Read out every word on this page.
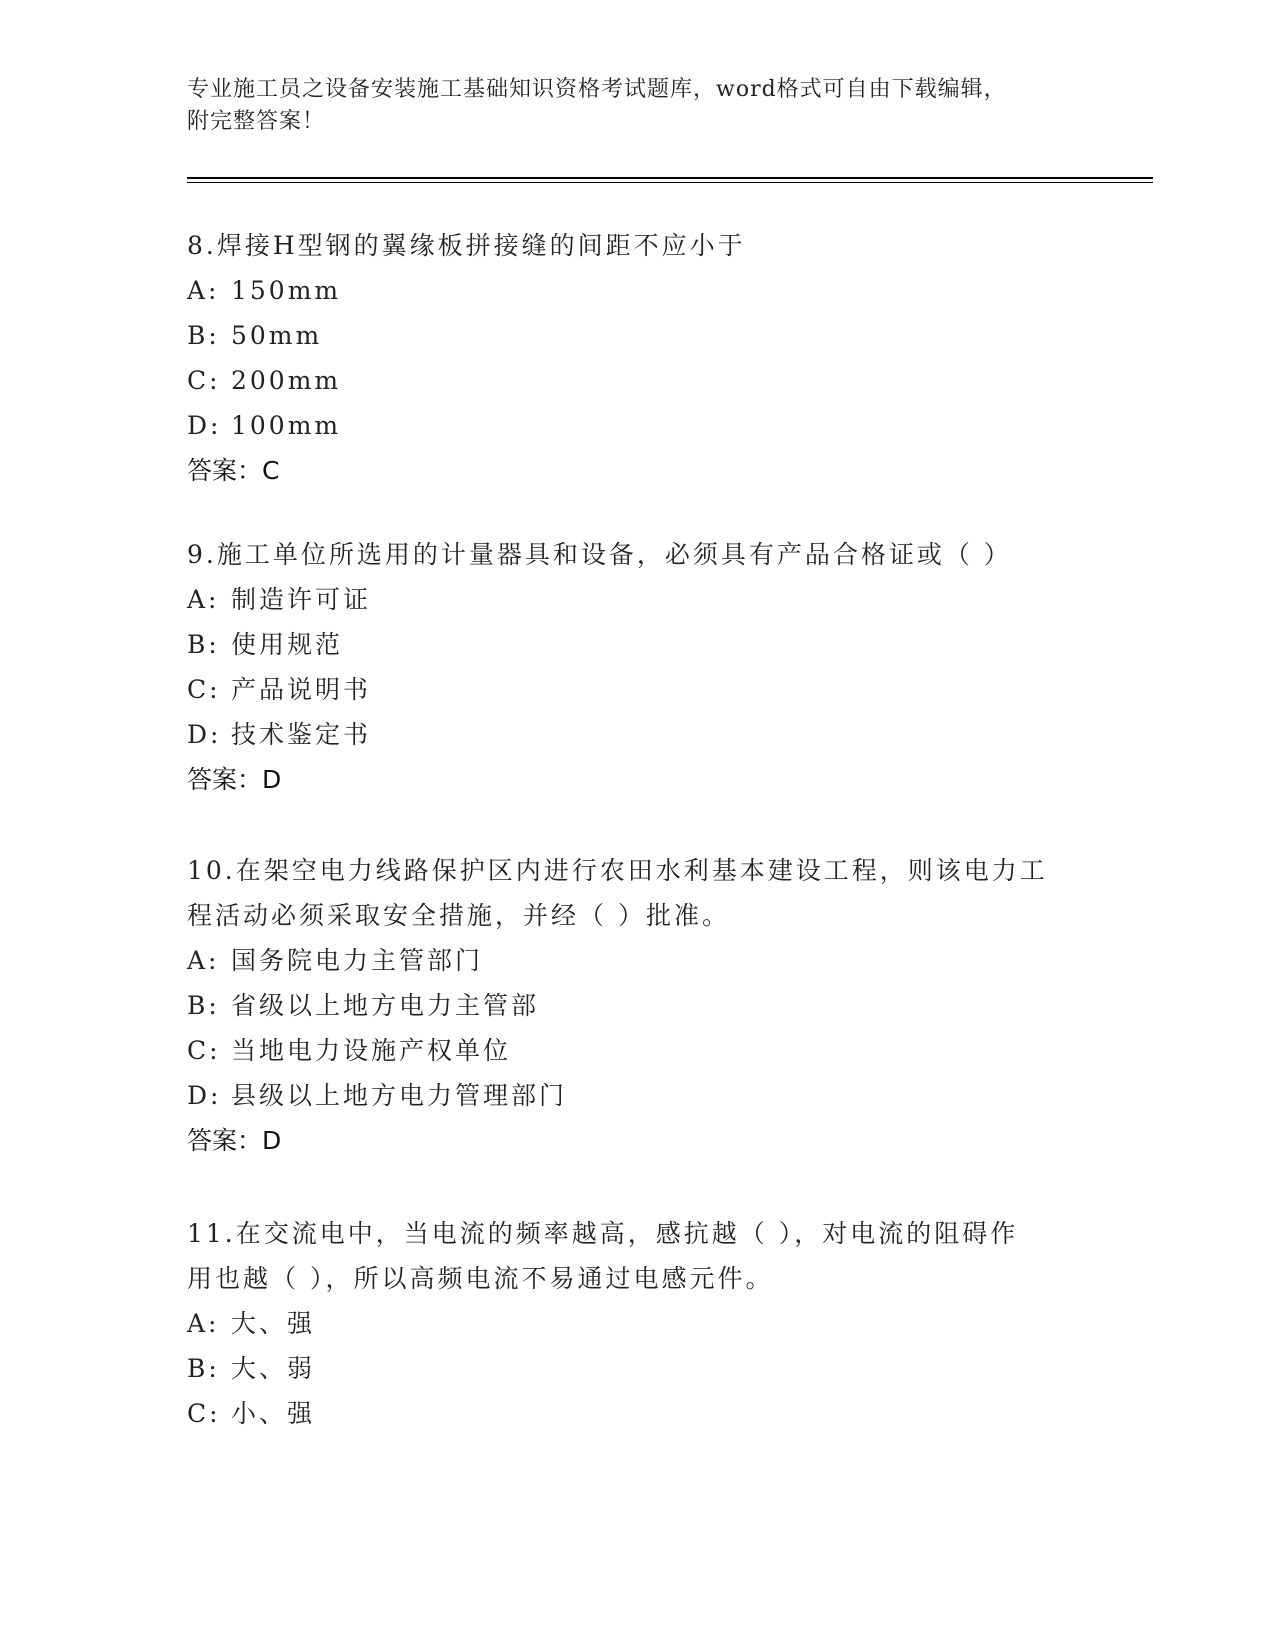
专业施工员之设备安装施工基础知识资格考试题库，word格式可自由下载编辑，
附完整答案！

8.焊接H型钢的翼缘板拼接缝的间距不应小于

A: 150mm

B: 50mm

C: 200mm

D: 100mm

答案：C

9.施工单位所选用的计量器具和设备，必须具有产品合格证或（ ）

A: 制造许可证

B: 使用规范

C: 产品说明书

D: 技术鉴定书

答案：D

10.在架空电力线路保护区内进行农田水利基本建设工程，则该电力工

程活动必须采取安全措施，并经（ ）批准。

A: 国务院电力主管部门

B: 省级以上地方电力主管部

C: 当地电力设施产权单位

D: 县级以上地方电力管理部门

答案：D

11.在交流电中，当电流的频率越高，感抗越（ ），对电流的阻碍作

用也越（ ），所以高频电流不易通过电感元件。

A: 大、强

B: 大、弱

C: 小、强
